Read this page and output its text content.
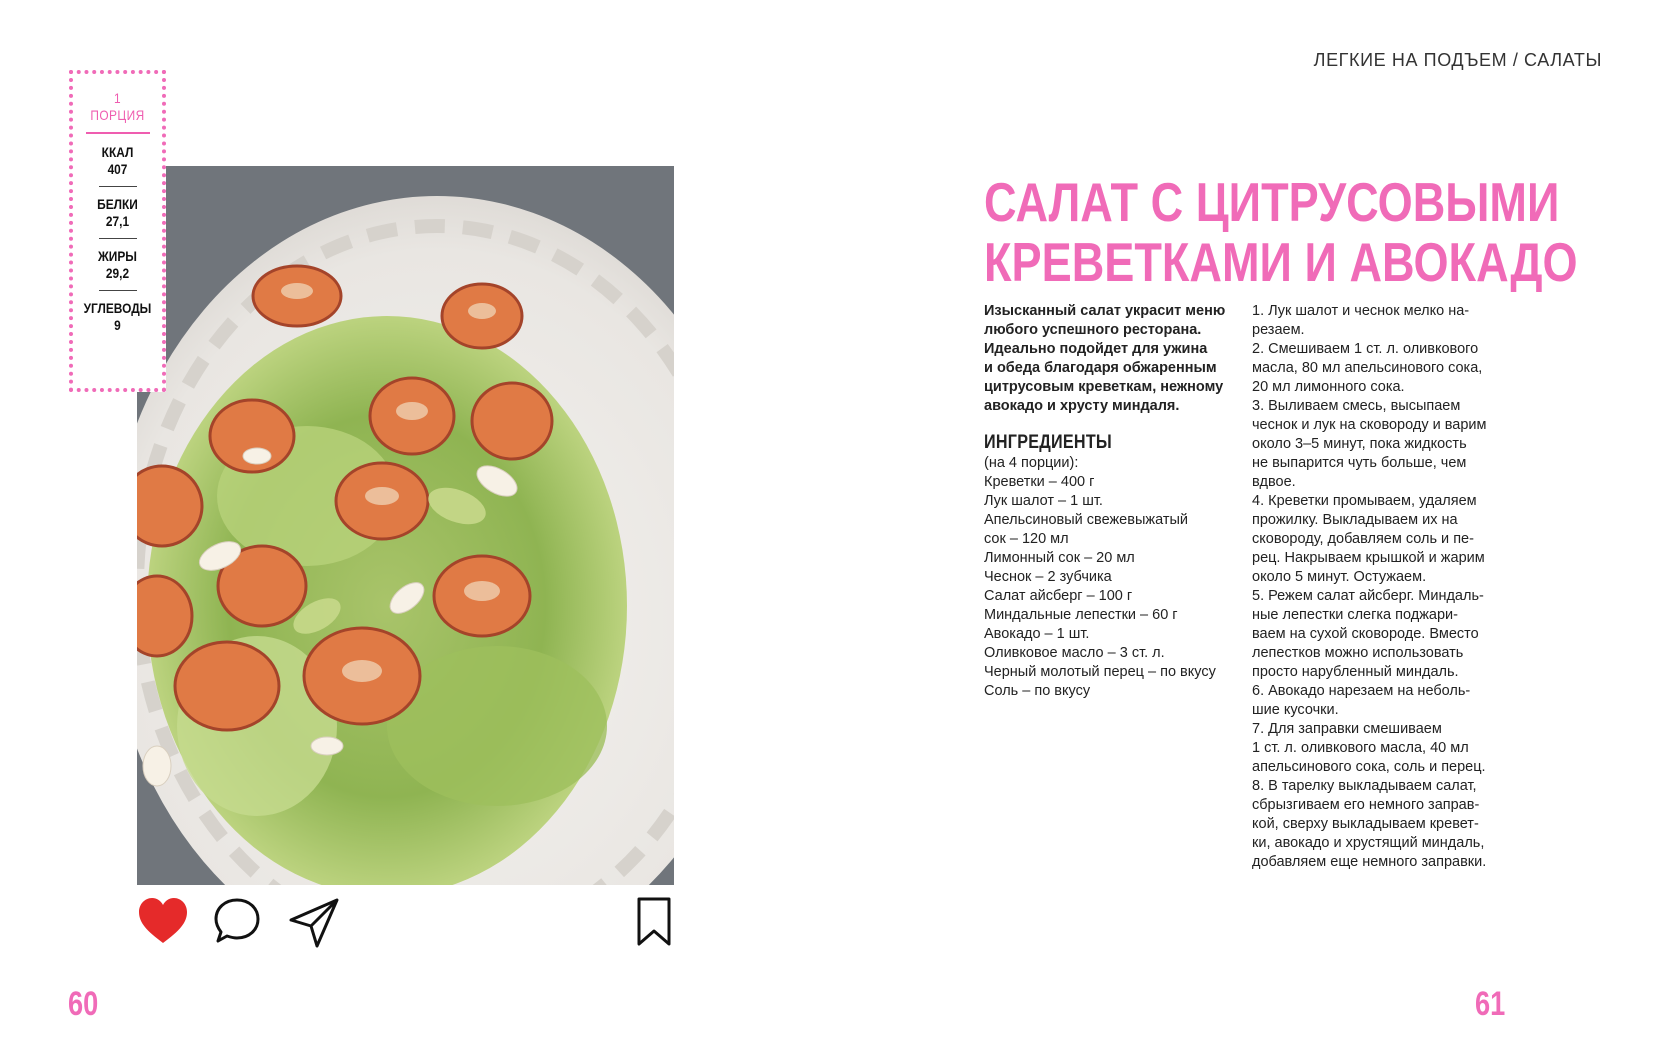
1
ПОРЦИЯ
ККАЛ
407
БЕЛКИ
27,1
ЖИРЫ
29,2
УГЛЕВОДЫ
9
60
ЛЕГКИЕ НА ПОДЪЕМ / САЛАТЫ
САЛАТ С ЦИТРУСОВЫМИ
КРЕВЕТКАМИ И АВОКАДО

Изысканный салат украсит меню
любого успешного ресторана.
Идеально подойдет для ужина
и обеда благодаря обжаренным
цитрусовым креветкам, нежному
авокадо и хрусту миндаля.

ИНГРЕДИЕНТЫ
(на 4 порции):
Креветки – 400 г
Лук шалот – 1 шт.
Апельсиновый свежевыжатый
сок – 120 мл
Лимонный сок – 20 мл
Чеснок – 2 зубчика
Салат айсберг – 100 г
Миндальные лепестки – 60 г
Авокадо – 1 шт.
Оливковое масло – 3 ст. л.
Черный молотый перец – по вкусу
Соль – по вкусу
1. Лук шалот и чеснок мелко на-
резаем.
2. Смешиваем 1 ст. л. оливкового
масла, 80 мл апельсинового сока,
20 мл лимонного сока.
3. Выливаем смесь, высыпаем
чеснок и лук на сковороду и варим
около 3–5 минут, пока жидкость
не выпарится чуть больше, чем
вдвое.
4. Креветки промываем, удаляем
прожилку. Выкладываем их на
сковороду, добавляем соль и пе-
рец. Накрываем крышкой и жарим
около 5 минут. Остужаем.
5. Режем салат айсберг. Миндаль-
ные лепестки слегка поджари-
ваем на сухой сковороде. Вместо
лепестков можно использовать
просто нарубленный миндаль.
6. Авокадо нарезаем на неболь-
шие кусочки.
7. Для заправки смешиваем
1 ст. л. оливкового масла, 40 мл
апельсинового сока, соль и перец.
8. В тарелку выкладываем салат,
сбрызгиваем его немного заправ-
кой, сверху выкладываем кревет-
ки, авокадо и хрустящий миндаль,
добавляем еще немного заправки.
61
